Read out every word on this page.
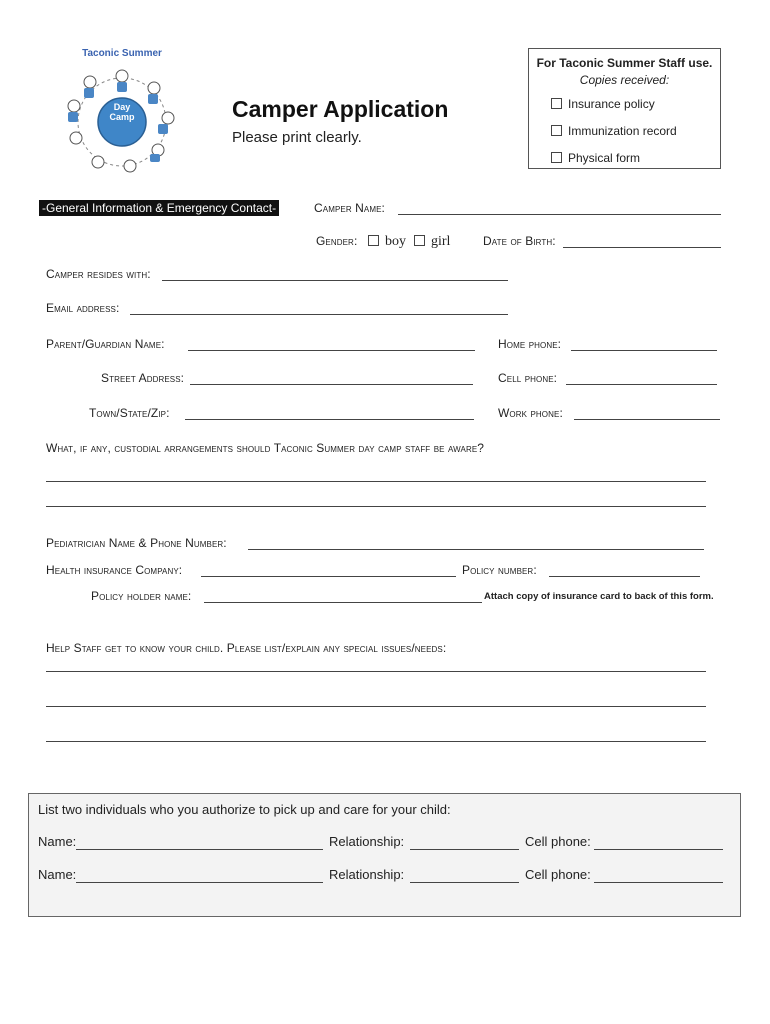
Taconic Summer
Day
Camp	Camper Application
Please print clearly.
For Taconic Summer Staff use.
Copies received:
Insurance policy
Immunization record
Physical form
-General Information & Emergency Contact-	Camper Name:
Gender:	boy	girl	Date of Birth:
Camper resides with:
Email address:
Parent/Guardian Name:	Home phone:
Street Address:	Cell phone:
Town/State/Zip:	Work phone:
What, if any, custodial arrangements should Taconic Summer day camp staff be aware?
Pediatrician Name & Phone Number:
Health insurance Company:	Policy number:
Policy holder name:	Attach copy of insurance card to back of this form.
Help Staff get to know your child. Please list/explain any special issues/needs:
List two individuals who you authorize to pick up and care for your child:
Name:	Relationship:	Cell phone:
Name:	Relationship:	Cell phone:
